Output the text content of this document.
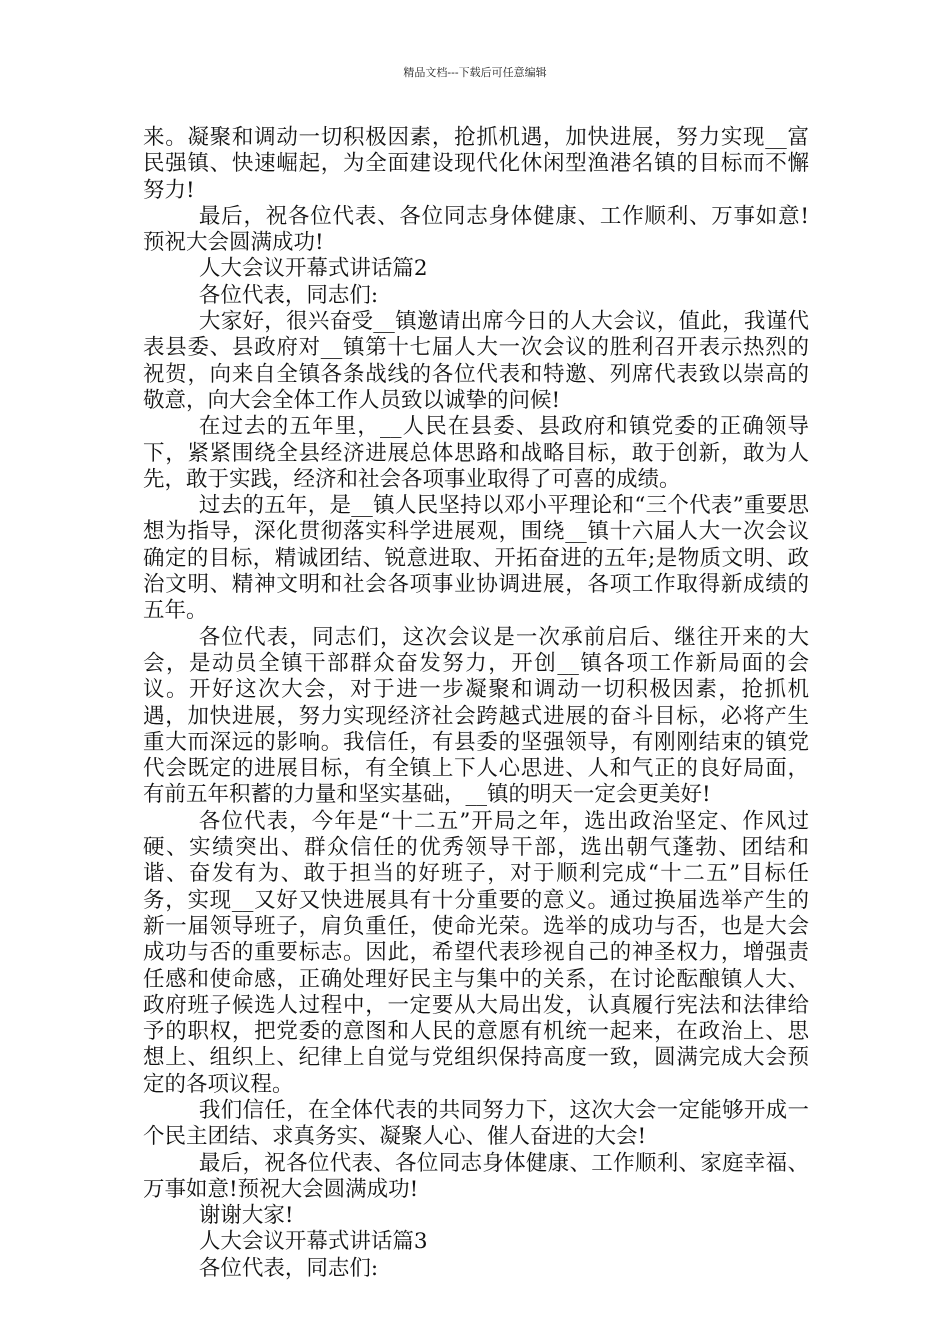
精品文档---下载后可任意编辑

来。凝聚和调动一切积极因素，抢抓机遇，加快进展，努力实现__富民强镇、快速崛起，为全面建设现代化休闲型渔港名镇的目标而不懈努力!

最后，祝各位代表、各位同志身体健康、工作顺利、万事如意!预祝大会圆满成功!

人大会议开幕式讲话篇2

各位代表，同志们:

大家好，很兴奋受__镇邀请出席今日的人大会议，值此，我谨代表县委、县政府对__镇第十七届人大一次会议的胜利召开表示热烈的祝贺，向来自全镇各条战线的各位代表和特邀、列席代表致以崇高的敬意，向大会全体工作人员致以诚挚的问候!

在过去的五年里，__人民在县委、县政府和镇党委的正确领导下，紧紧围绕全县经济进展总体思路和战略目标，敢于创新，敢为人先，敢于实践，经济和社会各项事业取得了可喜的成绩。

过去的五年，是__镇人民坚持以邓小平理论和“三个代表”重要思想为指导，深化贯彻落实科学进展观，围绕__镇十六届人大一次会议确定的目标，精诚团结、锐意进取、开拓奋进的五年;是物质文明、政治文明、精神文明和社会各项事业协调进展，各项工作取得新成绩的五年。

各位代表，同志们，这次会议是一次承前启后、继往开来的大会，是动员全镇干部群众奋发努力，开创__镇各项工作新局面的会议。开好这次大会，对于进一步凝聚和调动一切积极因素，抢抓机遇，加快进展，努力实现经济社会跨越式进展的奋斗目标，必将产生重大而深远的影响。我信任，有县委的坚强领导，有刚刚结束的镇党代会既定的进展目标，有全镇上下人心思进、人和气正的良好局面，有前五年积蓄的力量和坚实基础，__镇的明天一定会更美好!

各位代表，今年是“十二五”开局之年，选出政治坚定、作风过硬、实绩突出、群众信任的优秀领导干部，选出朝气蓬勃、团结和谐、奋发有为、敢于担当的好班子，对于顺利完成“十二五”目标任务，实现__又好又快进展具有十分重要的意义。通过换届选举产生的新一届领导班子，肩负重任，使命光荣。选举的成功与否，也是大会成功与否的重要标志。因此，希望代表珍视自己的神圣权力，增强责任感和使命感，正确处理好民主与集中的关系，在讨论酝酿镇人大、政府班子候选人过程中，一定要从大局出发，认真履行宪法和法律给予的职权，把党委的意图和人民的意愿有机统一起来，在政治上、思想上、组织上、纪律上自觉与党组织保持高度一致，圆满完成大会预定的各项议程。

我们信任，在全体代表的共同努力下，这次大会一定能够开成一个民主团结、求真务实、凝聚人心、催人奋进的大会!

最后，祝各位代表、各位同志身体健康、工作顺利、家庭幸福、万事如意!预祝大会圆满成功!

谢谢大家!

人大会议开幕式讲话篇3

各位代表，同志们:
